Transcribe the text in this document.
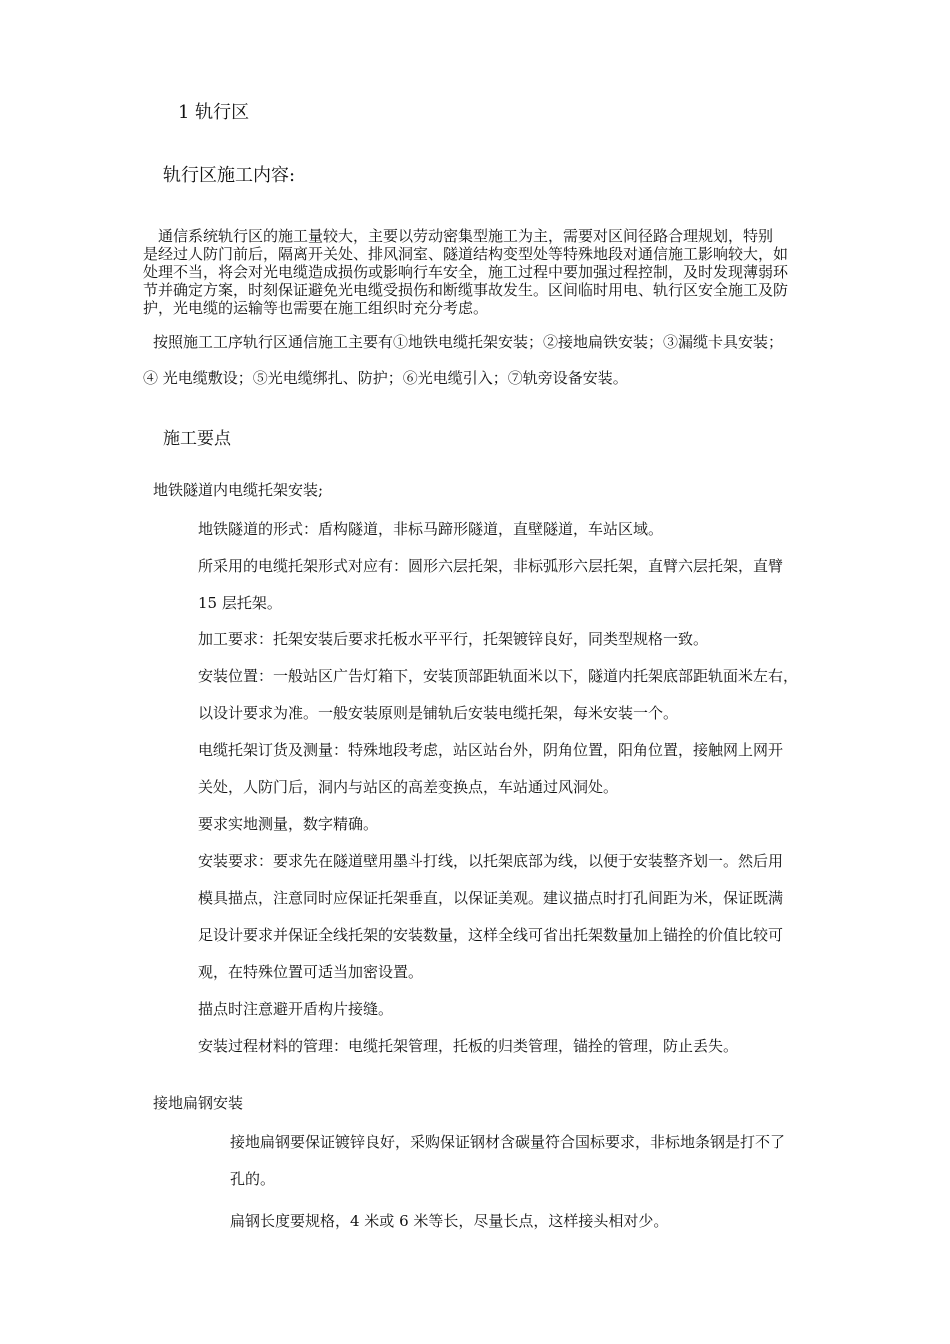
1 轨行区
轨行区施工内容:
通信系统轨行区的施工量较大，主要以劳动密集型施工为主，需要对区间径路合理规划，特别
是经过人防门前后，隔离开关处、排风洞室、隧道结构变型处等特殊地段对通信施工影响较大，如
处理不当，将会对光电缆造成损伤或影响行车安全，施工过程中要加强过程控制，及时发现薄弱环
节并确定方案，时刻保证避免光电缆受损伤和断缆事故发生。区间临时用电、轨行区安全施工及防
护，光电缆的运输等也需要在施工组织时充分考虑。
按照施工工序轨行区通信施工主要有①地铁电缆托架安装；②接地扁铁安装；③漏缆卡具安装；
④ 光电缆敷设；⑤光电缆绑扎、防护；⑥光电缆引入；⑦轨旁设备安装。
施工要点
地铁隧道内电缆托架安装;
地铁隧道的形式：盾构隧道，非标马蹄形隧道，直壁隧道，车站区域。
所采用的电缆托架形式对应有：圆形六层托架，非标弧形六层托架，直臂六层托架，直臂
15 层托架。
加工要求：托架安装后要求托板水平平行，托架镀锌良好，同类型规格一致。
安装位置：一般站区广告灯箱下，安装顶部距轨面米以下，隧道内托架底部距轨面米左右，
以设计要求为准。一般安装原则是铺轨后安装电缆托架，每米安装一个。
电缆托架订货及测量：特殊地段考虑，站区站台外，阴角位置，阳角位置，接触网上网开
关处，人防门后，洞内与站区的高差变换点，车站通过风洞处。
要求实地测量，数字精确。
安装要求：要求先在隧道壁用墨斗打线，以托架底部为线，以便于安装整齐划一。然后用
模具描点，注意同时应保证托架垂直，以保证美观。建议描点时打孔间距为米，保证既满
足设计要求并保证全线托架的安装数量，这样全线可省出托架数量加上锚拴的价值比较可
观，在特殊位置可适当加密设置。
描点时注意避开盾构片接缝。
安装过程材料的管理：电缆托架管理，托板的归类管理，锚拴的管理，防止丢失。
接地扁钢安装
接地扁钢要保证镀锌良好，采购保证钢材含碳量符合国标要求，非标地条钢是打不了
孔的。
扁钢长度要规格，4 米或 6 米等长，尽量长点，这样接头相对少。
